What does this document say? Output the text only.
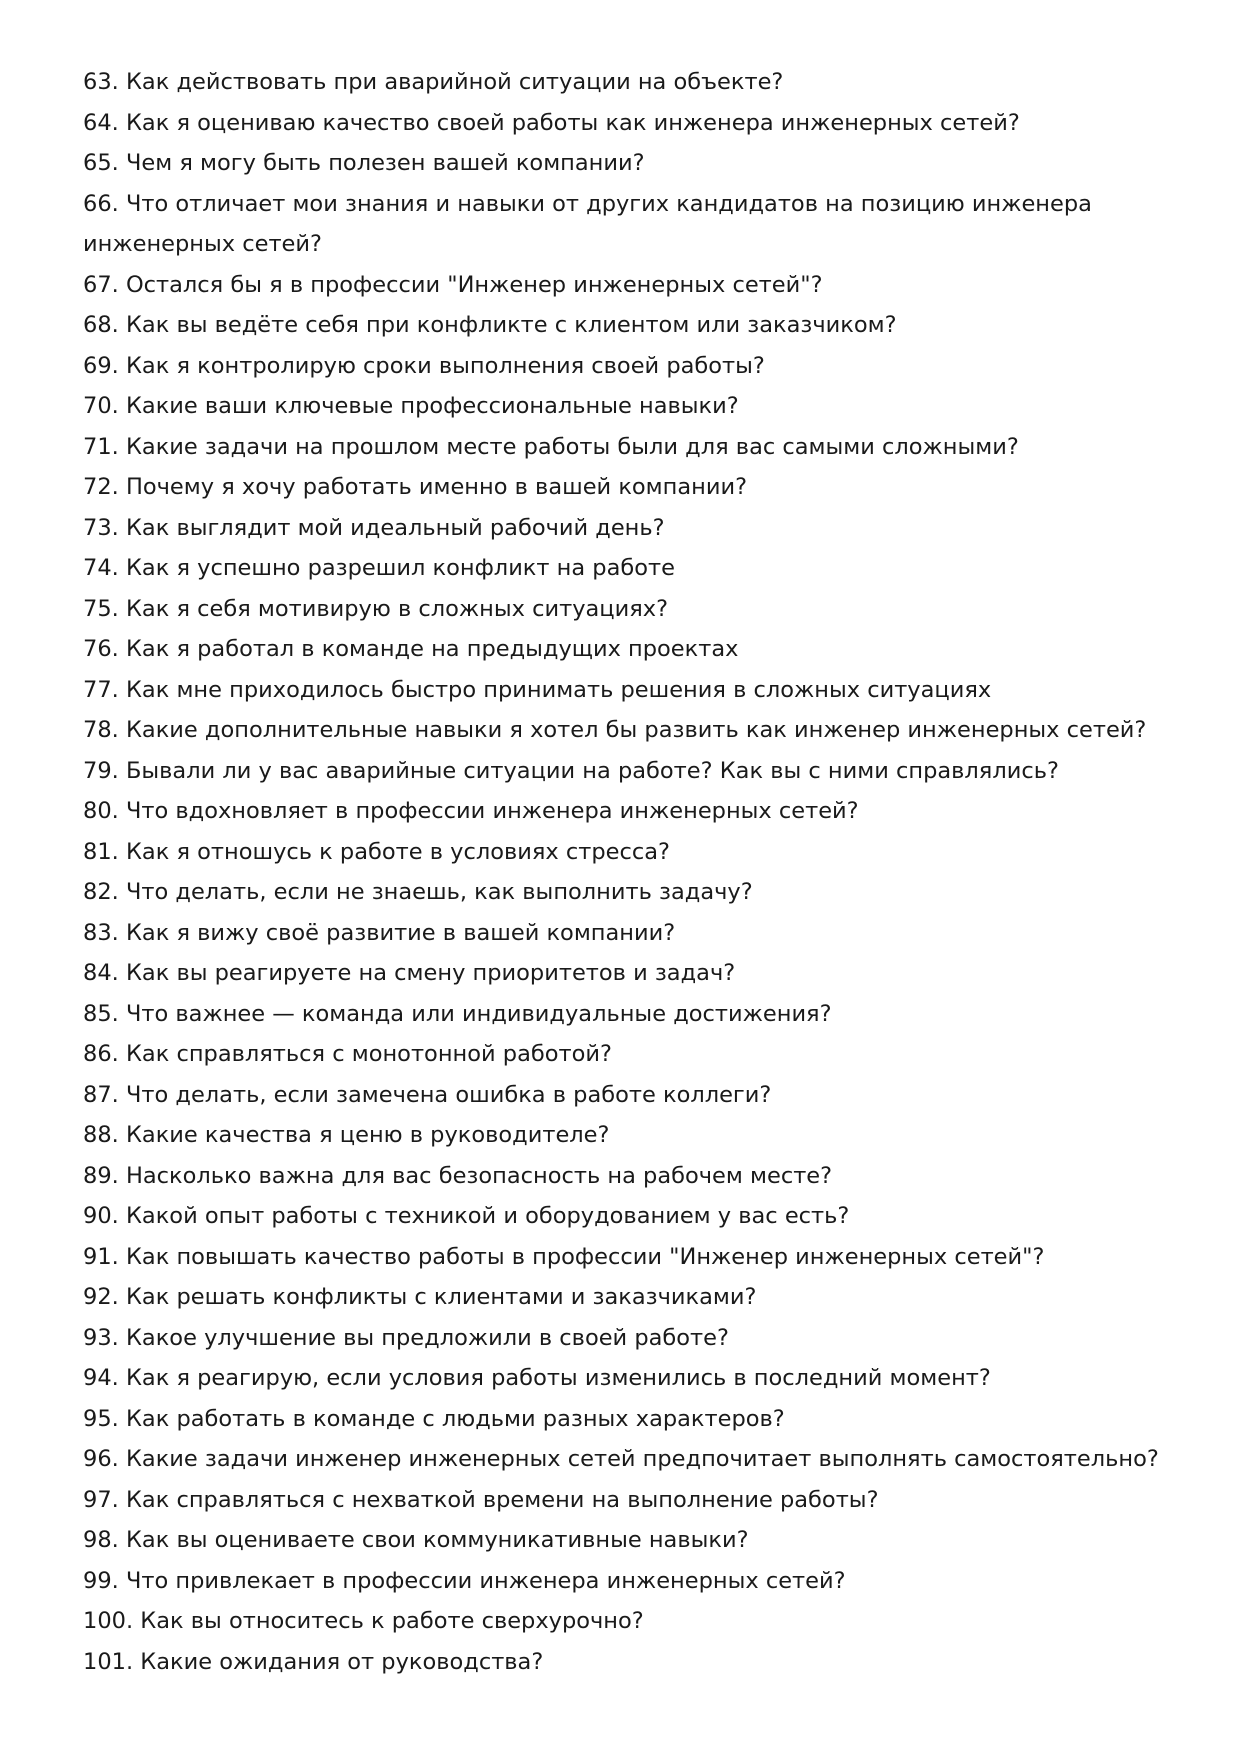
63. Как действовать при аварийной ситуации на объекте?
64. Как я оцениваю качество своей работы как инженера инженерных сетей?
65. Чем я могу быть полезен вашей компании?
66. Что отличает мои знания и навыки от других кандидатов на позицию инженера инженерных сетей?
67. Остался бы я в профессии "Инженер инженерных сетей"?
68. Как вы ведёте себя при конфликте с клиентом или заказчиком?
69. Как я контролирую сроки выполнения своей работы?
70. Какие ваши ключевые профессиональные навыки?
71. Какие задачи на прошлом месте работы были для вас самыми сложными?
72. Почему я хочу работать именно в вашей компании?
73. Как выглядит мой идеальный рабочий день?
74. Как я успешно разрешил конфликт на работе
75. Как я себя мотивирую в сложных ситуациях?
76. Как я работал в команде на предыдущих проектах
77. Как мне приходилось быстро принимать решения в сложных ситуациях
78. Какие дополнительные навыки я хотел бы развить как инженер инженерных сетей?
79. Бывали ли у вас аварийные ситуации на работе? Как вы с ними справлялись?
80. Что вдохновляет в профессии инженера инженерных сетей?
81. Как я отношусь к работе в условиях стресса?
82. Что делать, если не знаешь, как выполнить задачу?
83. Как я вижу своё развитие в вашей компании?
84. Как вы реагируете на смену приоритетов и задач?
85. Что важнее — команда или индивидуальные достижения?
86. Как справляться с монотонной работой?
87. Что делать, если замечена ошибка в работе коллеги?
88. Какие качества я ценю в руководителе?
89. Насколько важна для вас безопасность на рабочем месте?
90. Какой опыт работы с техникой и оборудованием у вас есть?
91. Как повышать качество работы в профессии "Инженер инженерных сетей"?
92. Как решать конфликты с клиентами и заказчиками?
93. Какое улучшение вы предложили в своей работе?
94. Как я реагирую, если условия работы изменились в последний момент?
95. Как работать в команде с людьми разных характеров?
96. Какие задачи инженер инженерных сетей предпочитает выполнять самостоятельно?
97. Как справляться с нехваткой времени на выполнение работы?
98. Как вы оцениваете свои коммуникативные навыки?
99. Что привлекает в профессии инженера инженерных сетей?
100. Как вы относитесь к работе сверхурочно?
101. Какие ожидания от руководства?
